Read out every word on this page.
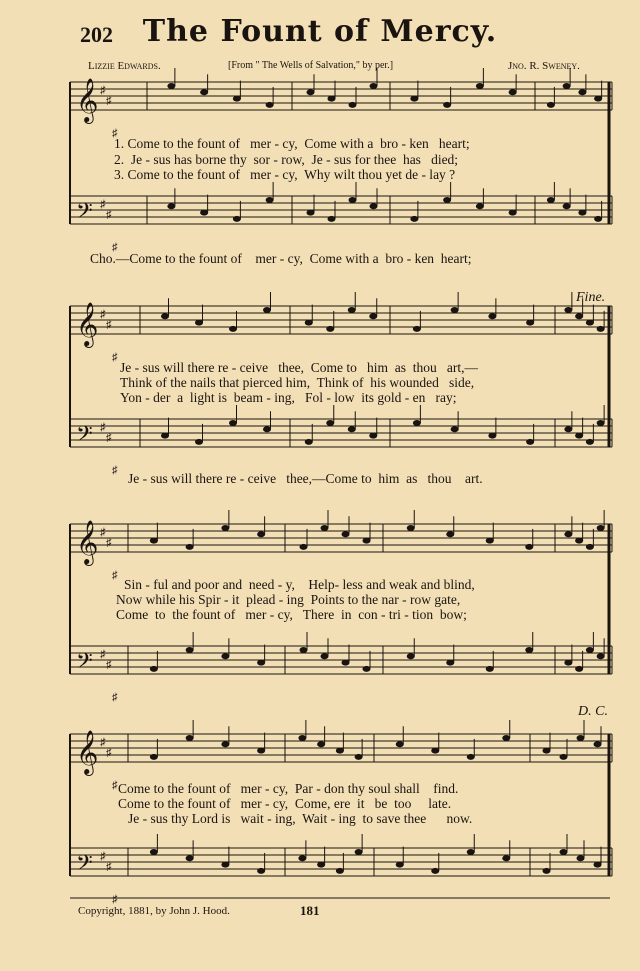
202 The Fount of Mercy.
Lizzie Edwards.	[From " The Wells of Salvation," by per.]	Jno. R. Sweney.
𝄞 ♯
♯
♯
𝄢 ♯
♯
♯
𝄞 ♯
♯
♯
𝄢 ♯
♯
♯
𝄞 ♯
♯
♯
𝄢 ♯
♯
♯
𝄞 ♯
♯
♯
𝄢 ♯
♯
♯
1. Come to the fount of   mer - cy,  Come with a  bro - ken   heart;
2.  Je - sus has borne thy  sor - row,  Je - sus for thee  has   died;
3. Come to the fount of   mer - cy,  Why wilt thou yet de - lay ?
Cho.—Come to the fount of    mer - cy,  Come with a  bro - ken  heart;
Fine.
Je - sus will there re - ceive   thee,  Come to   him  as  thou   art,—
Think of the nails that pierced him,  Think of  his wounded   side,
Yon - der  a  light is  beam - ing,   Fol - low  its gold - en   ray;
Je - sus will there re - ceive   thee,—Come to  him  as   thou    art.
Sin - ful and poor and  need - y,    Help- less and weak and blind,
Now while his Spir - it  plead - ing  Points to the nar - row gate,
Come  to  the fount of   mer - cy,   There  in  con - tri - tion  bow;
D. C.
Come to the fount of   mer - cy,  Par - don thy soul shall    find.
Come to the fount of   mer - cy,  Come, ere  it   be  too     late.
Je - sus thy Lord is   wait - ing,  Wait - ing  to save thee      now.
Copyright, 1881, by John J. Hood.	181
